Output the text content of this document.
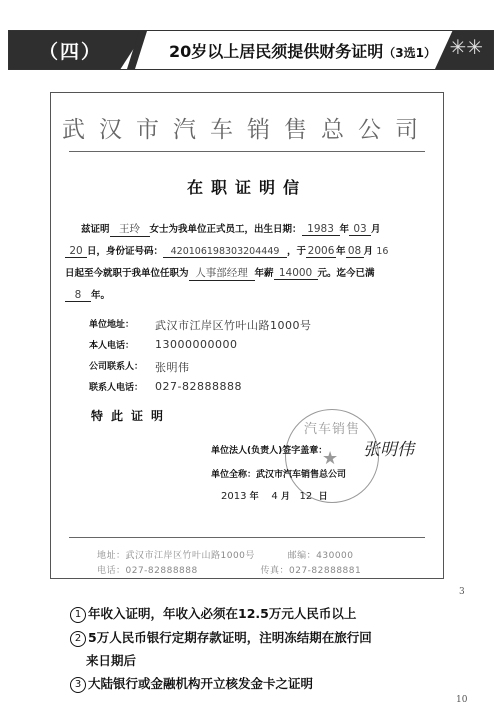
（四）	20岁以上居民须提供财务证明（3选1） ✳✳
武汉市汽车销售总公司
在职证明信
兹证明 王玲 女士为我单位正式员工，出生日期： 1983 年 03 月
20 日，身份证号码： 420106198303204449 ，于 2006 年 08 月 16
日起至今就职于我单位任职为 人事部经理 年薪 14000 元。迄今已满
8 年。
单位地址： 武汉市江岸区竹叶山路1000号
本人电话： 13000000000
公司联系人： 张明伟
联系人电话： 027-82888888
特此证明
汽车销售
★
单位法人(负责人)签字盖章： 张明伟
单位全称：武汉市汽车销售总公司
2013 年 4 月 12 日
地址：武汉市江岸区竹叶山路1000号	邮编：430000
电话：027-82888888	传真：027-82888881
3
1 年收入证明，年收入必须在12.5万元人民币以上
2 5万人民币银行定期存款证明，注明冻结期在旅行回
来日期后
3 大陆银行或金融机构开立核发金卡之证明
10
